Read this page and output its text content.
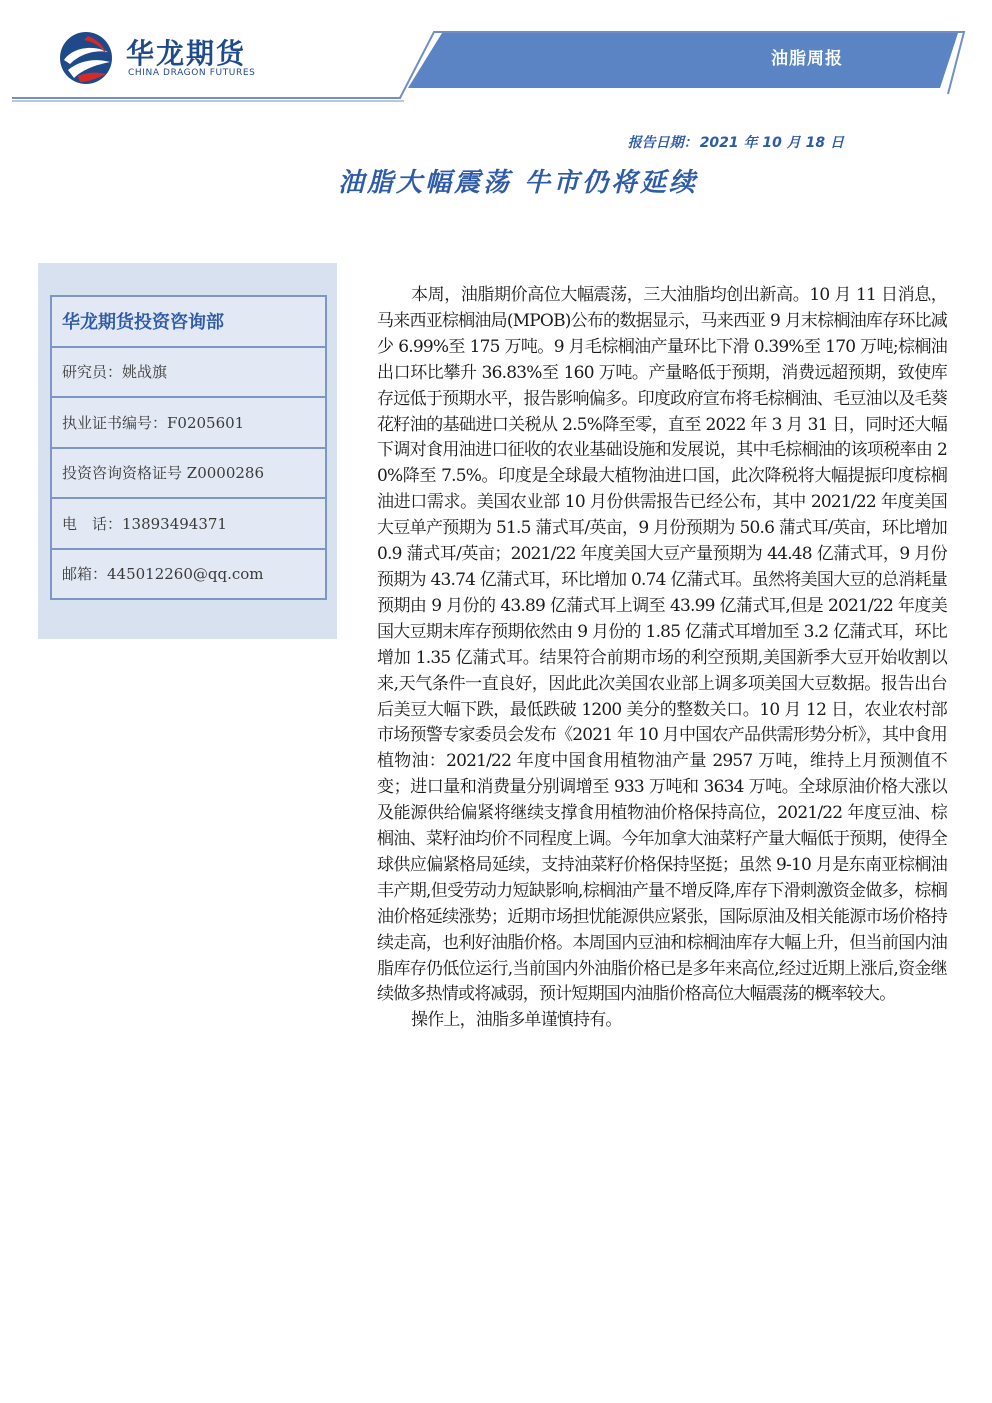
油脂周报
华龙期货
CHINA DRAGON FUTURES
报告日期： 2021 年 10 月 18 日
油脂大幅震荡 牛市仍将延续
华龙期货投资咨询部
研究员：姚战旗
执业证书编号：F0205601
投资咨询资格证号 Z0000286
电　话：13893494371
邮箱：445012260@qq.com

本周，油脂期价高位大幅震荡，三大油脂均创出新高。10 月 11 日消息，马来西亚棕榈油局(MPOB)公布的数据显示，马来西亚 9 月末棕榈油库存环比减少 6.99%至 175 万吨。9 月毛棕榈油产量环比下滑 0.39%至 170 万吨;棕榈油出口环比攀升 36.83%至 160 万吨。产量略低于预期，消费远超预期，致使库存远低于预期水平，报告影响偏多。印度政府宣布将毛棕榈油、毛豆油以及毛葵花籽油的基础进口关税从 2.5%降至零，直至 2022 年 3 月 31 日，同时还大幅下调对食用油进口征收的农业基础设施和发展说，其中毛棕榈油的该项税率由 20%降至 7.5%。印度是全球最大植物油进口国，此次降税将大幅提振印度棕榈油进口需求。美国农业部 10 月份供需报告已经公布，其中 2021/22 年度美国大豆单产预期为 51.5 蒲式耳/英亩，9 月份预期为 50.6 蒲式耳/英亩，环比增加 0.9 蒲式耳/英亩；2021/22 年度美国大豆产量预期为 44.48 亿蒲式耳，9 月份预期为 43.74 亿蒲式耳，环比增加 0.74 亿蒲式耳。虽然将美国大豆的总消耗量预期由 9 月份的 43.89 亿蒲式耳上调至 43.99 亿蒲式耳,但是 2021/22 年度美国大豆期末库存预期依然由 9 月份的 1.85 亿蒲式耳增加至 3.2 亿蒲式耳，环比增加 1.35 亿蒲式耳。结果符合前期市场的利空预期,美国新季大豆开始收割以来,天气条件一直良好，因此此次美国农业部上调多项美国大豆数据。报告出台后美豆大幅下跌，最低跌破 1200 美分的整数关口。10 月 12 日，农业农村部市场预警专家委员会发布《2021 年 10 月中国农产品供需形势分析》，其中食用植物油：2021/22 年度中国食用植物油产量 2957 万吨，维持上月预测值不变；进口量和消费量分别调增至 933 万吨和 3634 万吨。全球原油价格大涨以及能源供给偏紧将继续支撑食用植物油价格保持高位，2021/22 年度豆油、棕榈油、菜籽油均价不同程度上调。今年加拿大油菜籽产量大幅低于预期，使得全球供应偏紧格局延续，支持油菜籽价格保持坚挺；虽然 9-10 月是东南亚棕榈油丰产期,但受劳动力短缺影响,棕榈油产量不增反降,库存下滑刺激资金做多，棕榈油价格延续涨势；近期市场担忧能源供应紧张，国际原油及相关能源市场价格持续走高，也利好油脂价格。本周国内豆油和棕榈油库存大幅上升，但当前国内油脂库存仍低位运行,当前国内外油脂价格已是多年来高位,经过近期上涨后,资金继续做多热情或将减弱，预计短期国内油脂价格高位大幅震荡的概率较大。

操作上，油脂多单谨慎持有。
